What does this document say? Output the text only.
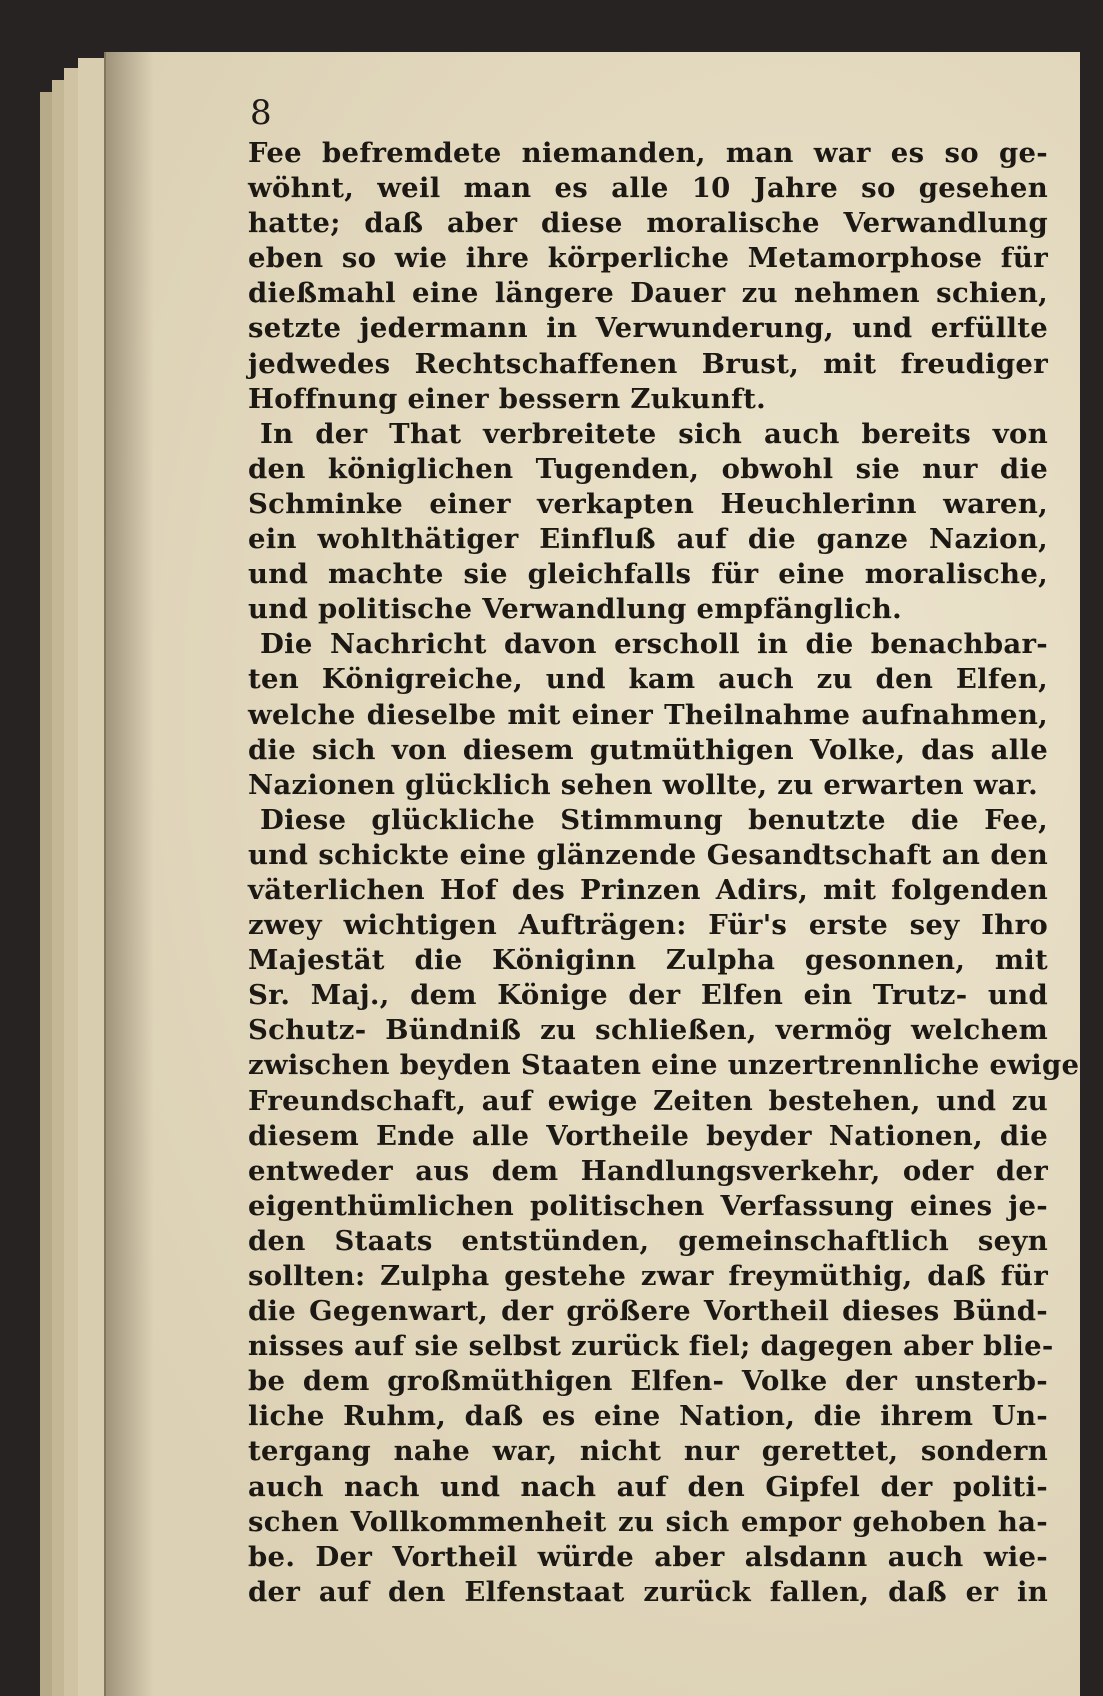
8
Fee befremdete niemanden, man war es so ge-
wöhnt, weil man es alle 10 Jahre so gesehen
hatte; daß aber diese moralische Verwandlung
eben so wie ihre körperliche Metamorphose für
dießmahl eine längere Dauer zu nehmen schien,
setzte jedermann in Verwunderung, und erfüllte
jedwedes Rechtschaffenen Brust, mit freudiger
Hoffnung einer bessern Zukunft.
In der That verbreitete sich auch bereits von
den königlichen Tugenden, obwohl sie nur die
Schminke einer verkapten Heuchlerinn waren,
ein wohlthätiger Einfluß auf die ganze Nazion,
und machte sie gleichfalls für eine moralische,
und politische Verwandlung empfänglich.
Die Nachricht davon erscholl in die benachbar-
ten Königreiche, und kam auch zu den Elfen,
welche dieselbe mit einer Theilnahme aufnahmen,
die sich von diesem gutmüthigen Volke, das alle
Nazionen glücklich sehen wollte, zu erwarten war.
Diese glückliche Stimmung benutzte die Fee,
und schickte eine glänzende Gesandtschaft an den
väterlichen Hof des Prinzen Adirs, mit folgenden
zwey wichtigen Aufträgen: Für's erste sey Ihro
Majestät die Königinn Zulpha gesonnen, mit
Sr. Maj., dem Könige der Elfen ein Trutz- und
Schutz- Bündniß zu schließen, vermög welchem
zwischen beyden Staaten eine unzertrennliche ewige
Freundschaft, auf ewige Zeiten bestehen, und zu
diesem Ende alle Vortheile beyder Nationen, die
entweder aus dem Handlungsverkehr, oder der
eigenthümlichen politischen Verfassung eines je-
den Staats entstünden, gemeinschaftlich seyn
sollten: Zulpha gestehe zwar freymüthig, daß für
die Gegenwart, der größere Vortheil dieses Bünd-
nisses auf sie selbst zurück fiel; dagegen aber blie-
be dem großmüthigen Elfen- Volke der unsterb-
liche Ruhm, daß es eine Nation, die ihrem Un-
tergang nahe war, nicht nur gerettet, sondern
auch nach und nach auf den Gipfel der politi-
schen Vollkommenheit zu sich empor gehoben ha-
be. Der Vortheil würde aber alsdann auch wie-
der auf den Elfenstaat zurück fallen, daß er in
